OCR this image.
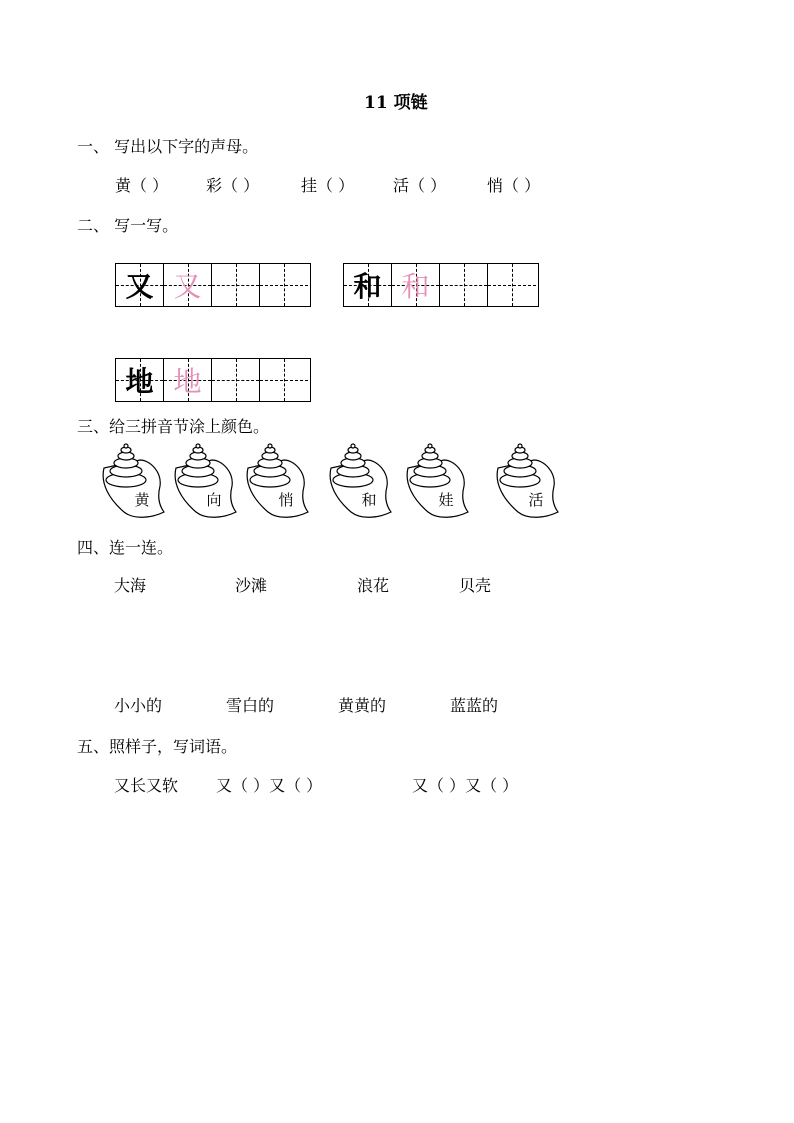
11 项链
一、 写出以下字的声母。
黄（ ） 彩（ ）	挂（ ） 活（ ）	悄（ ）
二、 写一写。
又 又	和 和
地 地
三、给三拼音节涂上颜色。
黄	向	悄	和	娃	活
四、连一连。
大海	沙滩	浪花	贝壳
小小的	雪白的	黄黄的	蓝蓝的
五、照样子，写词语。
又长又软 又（ ）又（ ）	又（ ）又（ ）
